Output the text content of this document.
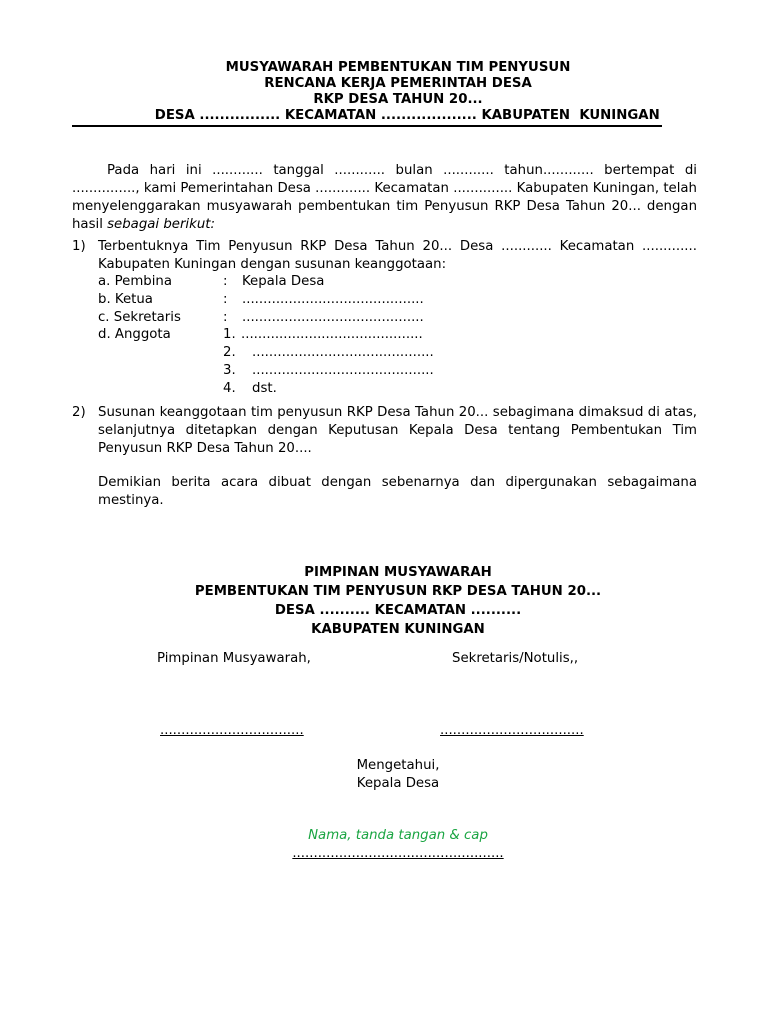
MUSYAWARAH PEMBENTUKAN TIM PENYUSUN
RENCANA KERJA PEMERINTAH DESA
RKP DESA TAHUN 20...
DESA ................ KECAMATAN ................... KABUPATEN  KUNINGAN
Pada hari ini ............ tanggal ............ bulan ............ tahun............ bertempat di ..............., kami Pemerintahan Desa ............. Kecamatan .............. Kabupaten Kuningan, telah menyelenggarakan musyawarah pembentukan tim Penyusun RKP Desa Tahun 20... dengan hasil sebagai berikut:
1) Terbentuknya Tim Penyusun RKP Desa Tahun 20... Desa ............ Kecamatan ............. Kabupaten Kuningan dengan susunan keanggotaan:
a. Pembina	: Kepala Desa
b. Ketua	: ...........................................
c. Sekretaris	: ...........................................
d. Anggota	1. ...........................................
2. ...........................................
3. ...........................................
4. dst.
2) Susunan keanggotaan tim penyusun RKP Desa Tahun 20... sebagimana dimaksud di atas, selanjutnya ditetapkan dengan Keputusan Kepala Desa tentang Pembentukan Tim Penyusun RKP Desa Tahun 20....
Demikian berita acara dibuat dengan sebenarnya dan dipergunakan sebagaimana mestinya.
PIMPINAN MUSYAWARAH
PEMBENTUKAN TIM PENYUSUN RKP DESA TAHUN 20...
DESA .......... KECAMATAN ..........
KABUPATEN KUNINGAN
Pimpinan Musyawarah,	Sekretaris/Notulis,,
..................................	..................................
Mengetahui,
Kepala Desa
Nama, tanda tangan & cap
..................................................
